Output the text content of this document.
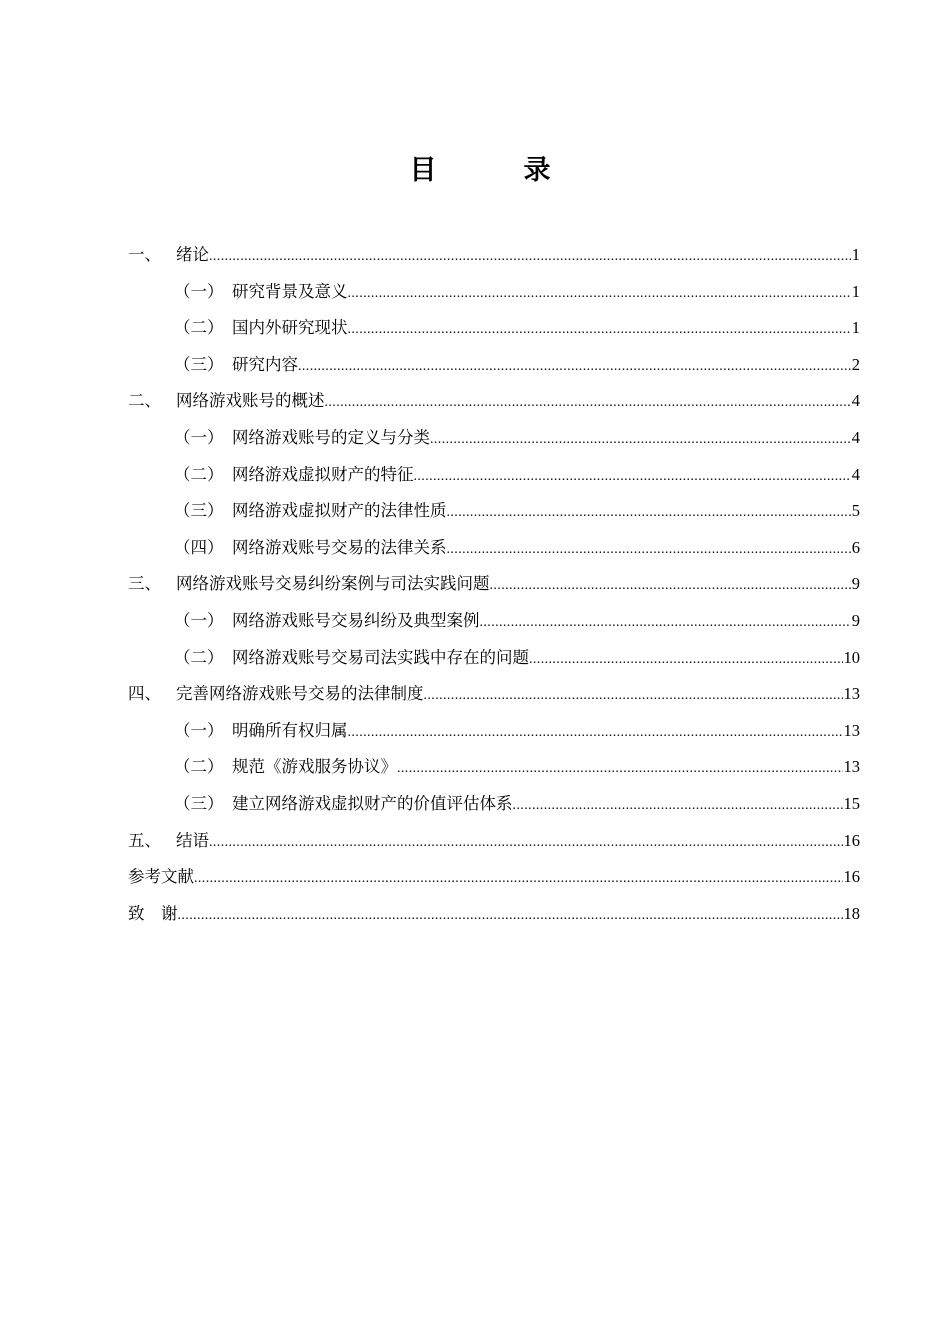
目　录
一、 绪论 .....	1
（一） 研究背景及意义 .....	1
（二） 国内外研究现状 .....	1
（三） 研究内容 .....	2
二、 网络游戏账号的概述 .....	4
（一） 网络游戏账号的定义与分类 .....	4
（二） 网络游戏虚拟财产的特征 .....	4
（三） 网络游戏虚拟财产的法律性质 .....	5
（四） 网络游戏账号交易的法律关系 .....	6
三、 网络游戏账号交易纠纷案例与司法实践问题 .....	9
（一） 网络游戏账号交易纠纷及典型案例 .....	9
（二） 网络游戏账号交易司法实践中存在的问题 .....	10
四、 完善网络游戏账号交易的法律制度 .....	13
（一） 明确所有权归属 .....	13
（二） 规范《游戏服务协议》 .....	13
（三） 建立网络游戏虚拟财产的价值评估体系 .....	15
五、 结语 .....	16
参考文献 .....	16
致　谢 .....	18
